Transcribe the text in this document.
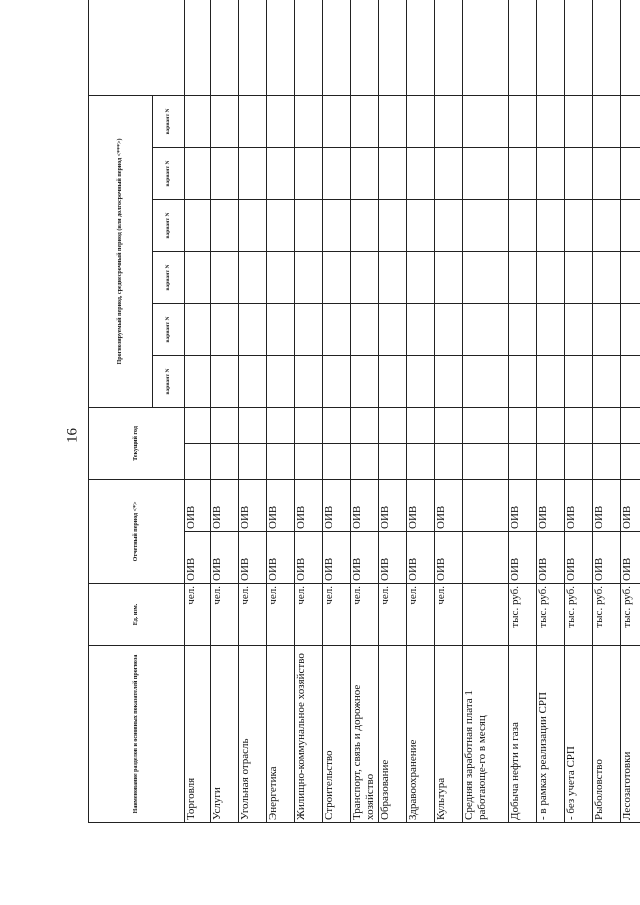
16
Наименование разделов и основных показателей прогноза	Ед. изм.	Отчетный период <*>		Текущий год		Прогнозируемый период, среднесрочный период (или долгосрочный период <***>)						
						вариант N	вариант N	вариант N	вариант N	вариант N	вариант N	
Торговля	чел.	ОИВ	ОИВ									
Услуги	чел.	ОИВ	ОИВ									
Угольная отрасль	чел.	ОИВ	ОИВ									
Энергетика	чел.	ОИВ	ОИВ									
Жилищно-коммунальное хозяйство	чел.	ОИВ	ОИВ									
Строительство	чел.	ОИВ	ОИВ									
Транспорт, связь и дорожное хозяйство	чел.	ОИВ	ОИВ									
Образование	чел.	ОИВ	ОИВ									
Здравоохранение	чел.	ОИВ	ОИВ									
Культура	чел.	ОИВ	ОИВ									
Средняя заработная плата 1 работающе-го в месяц												
Добыча нефти и газа	тыс. руб.	ОИВ	ОИВ									
- в рамках реализации СРП	тыс. руб.	ОИВ	ОИВ									
- без учета СРП	тыс. руб.	ОИВ	ОИВ									
Рыболовство	тыс. руб.	ОИВ	ОИВ									
Лесозаготовки	тыс. руб.	ОИВ	ОИВ									
